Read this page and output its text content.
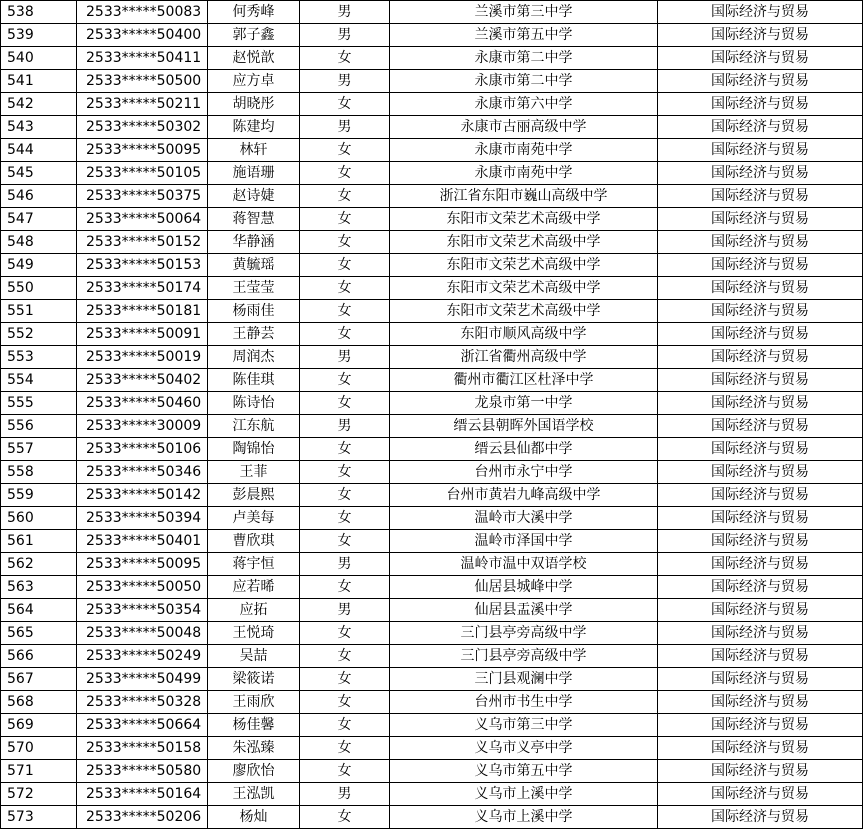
538	2533*****50083	何秀峰	男	兰溪市第三中学	国际经济与贸易
539	2533*****50400	郭子鑫	男	兰溪市第五中学	国际经济与贸易
540	2533*****50411	赵悦歆	女	永康市第二中学	国际经济与贸易
541	2533*****50500	应方卓	男	永康市第二中学	国际经济与贸易
542	2533*****50211	胡晓彤	女	永康市第六中学	国际经济与贸易
543	2533*****50302	陈建均	男	永康市古丽高级中学	国际经济与贸易
544	2533*****50095	林轩	女	永康市南苑中学	国际经济与贸易
545	2533*****50105	施语珊	女	永康市南苑中学	国际经济与贸易
546	2533*****50375	赵诗婕	女	浙江省东阳市巍山高级中学	国际经济与贸易
547	2533*****50064	蒋智慧	女	东阳市文荣艺术高级中学	国际经济与贸易
548	2533*****50152	华静涵	女	东阳市文荣艺术高级中学	国际经济与贸易
549	2533*****50153	黄毓瑶	女	东阳市文荣艺术高级中学	国际经济与贸易
550	2533*****50174	王莹莹	女	东阳市文荣艺术高级中学	国际经济与贸易
551	2533*****50181	杨雨佳	女	东阳市文荣艺术高级中学	国际经济与贸易
552	2533*****50091	王静芸	女	东阳市顺风高级中学	国际经济与贸易
553	2533*****50019	周润杰	男	浙江省衢州高级中学	国际经济与贸易
554	2533*****50402	陈佳琪	女	衢州市衢江区杜泽中学	国际经济与贸易
555	2533*****50460	陈诗怡	女	龙泉市第一中学	国际经济与贸易
556	2533*****30009	江东航	男	缙云县朝晖外国语学校	国际经济与贸易
557	2533*****50106	陶锦怡	女	缙云县仙都中学	国际经济与贸易
558	2533*****50346	王菲	女	台州市永宁中学	国际经济与贸易
559	2533*****50142	彭晨熙	女	台州市黄岩九峰高级中学	国际经济与贸易
560	2533*****50394	卢美每	女	温岭市大溪中学	国际经济与贸易
561	2533*****50401	曹欣琪	女	温岭市泽国中学	国际经济与贸易
562	2533*****50095	蒋宇恒	男	温岭市温中双语学校	国际经济与贸易
563	2533*****50050	应若晞	女	仙居县城峰中学	国际经济与贸易
564	2533*****50354	应拓	男	仙居县盂溪中学	国际经济与贸易
565	2533*****50048	王悦琦	女	三门县亭旁高级中学	国际经济与贸易
566	2533*****50249	吴喆	女	三门县亭旁高级中学	国际经济与贸易
567	2533*****50499	梁筱诺	女	三门县观澜中学	国际经济与贸易
568	2533*****50328	王雨欣	女	台州市书生中学	国际经济与贸易
569	2533*****50664	杨佳馨	女	义乌市第三中学	国际经济与贸易
570	2533*****50158	朱泓臻	女	义乌市义亭中学	国际经济与贸易
571	2533*****50580	廖欣怡	女	义乌市第五中学	国际经济与贸易
572	2533*****50164	王泓凯	男	义乌市上溪中学	国际经济与贸易
573	2533*****50206	杨灿	女	义乌市上溪中学	国际经济与贸易
